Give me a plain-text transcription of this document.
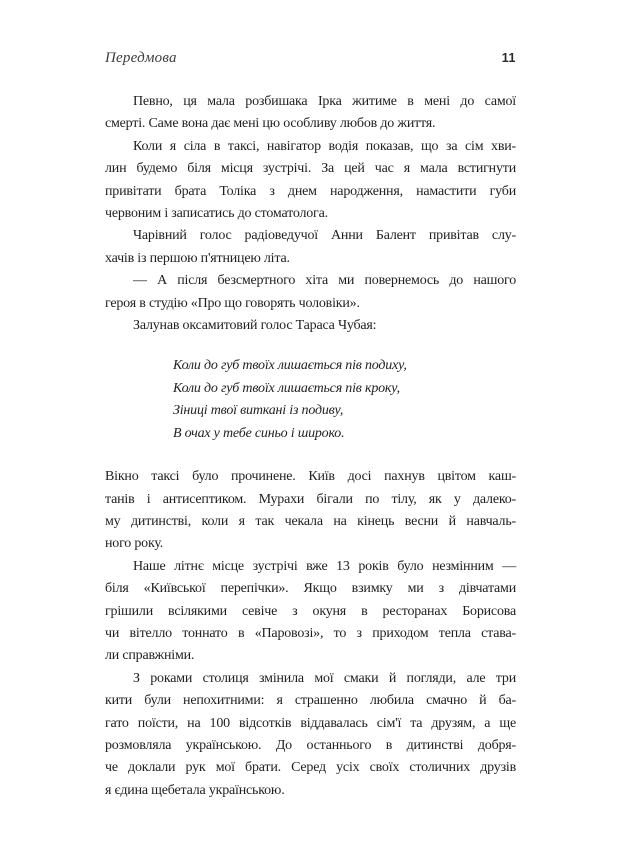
Передмова	11
Певно, ця мала розбишака Ірка житиме в мені до самої
смерті. Саме вона дає мені цю особливу любов до життя.
Коли я сіла в таксі, навігатор водія показав, що за сім хви-
лин будемо біля місця зустрічі. За цей час я мала встигнути
привітати брата Толіка з днем народження, намастити губи
червоним і записатись до стоматолога.
Чарівний голос радіоведучої Анни Балент привітав слу-
хачів із першою п'ятницею літа.
— А після безсмертного хіта ми повернемось до нашого
героя в студію «Про що говорять чоловіки».
Залунав оксамитовий голос Тараса Чубая:
Коли до губ твоїх лишається пів подиху,
Коли до губ твоїх лишається пів кроку,
Зіниці твої виткані із подиву,
В очах у тебе синьо і широко.
Вікно таксі було прочинене. Київ досі пахнув цвітом каш-
танів і антисептиком. Мурахи бігали по тілу, як у далеко-
му дитинстві, коли я так чекала на кінець весни й навчаль-
ного року.
Наше літнє місце зустрічі вже 13 років було незмінним —
біля «Київської перепічки». Якщо взимку ми з дівчатами
грішили всілякими севіче з окуня в ресторанах Борисова
чи вітелло тоннато в «Паровозі», то з приходом тепла става-
ли справжніми.
З роками столиця змінила мої смаки й погляди, але три
кити були непохитними: я страшенно любила смачно й ба-
гато поїсти, на 100 відсотків віддавалась сім'ї та друзям, а ще
розмовляла українською. До останнього в дитинстві добря-
че доклали рук мої брати. Серед усіх своїх столичних друзів
я єдина щебетала українською.
